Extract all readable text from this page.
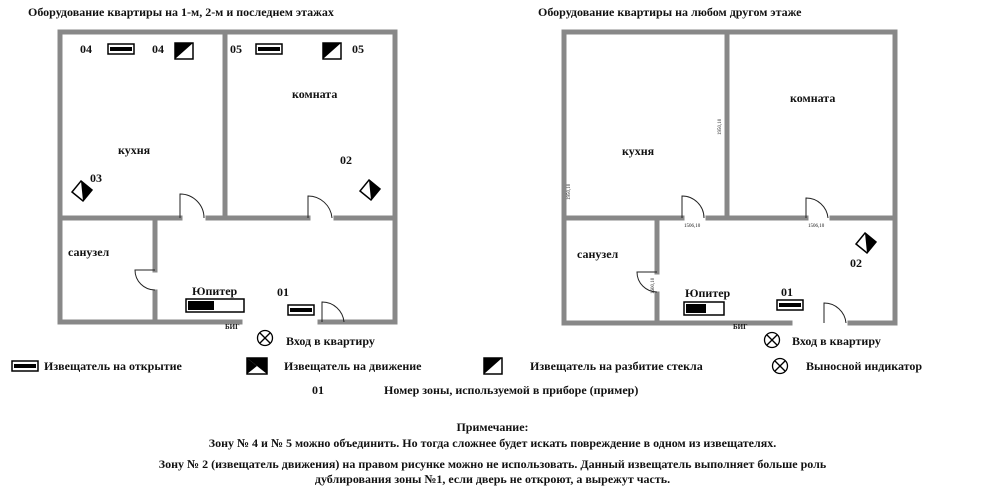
Оборудование квартиры на 1-м, 2-м и последнем этажах	Оборудование квартиры на любом другом этаже
04	04	05	05
03
02
01
кухня
комната
санузел
Юпитер
БИГ
Вход в квартиру
кухня
комната
санузел
Юпитер	01
02
БИГ
Вход в квартиру
1950,10
1950,10
1506,10	1506,10
1600,10
Извещатель на открытие	Извещатель на движение	Извещатель на разбитие стекла	Выносной индикатор
01	Номер зоны, используемой в приборе (пример)
Примечание:
Зону № 4 и № 5 можно объединить. Но тогда сложнее будет искать повреждение в одном из извещателях.
Зону № 2 (извещатель движения) на правом рисунке можно не использовать. Данный извещатель выполняет больше роль
дублирования зоны №1, если дверь не откроют, а вырежут часть.
